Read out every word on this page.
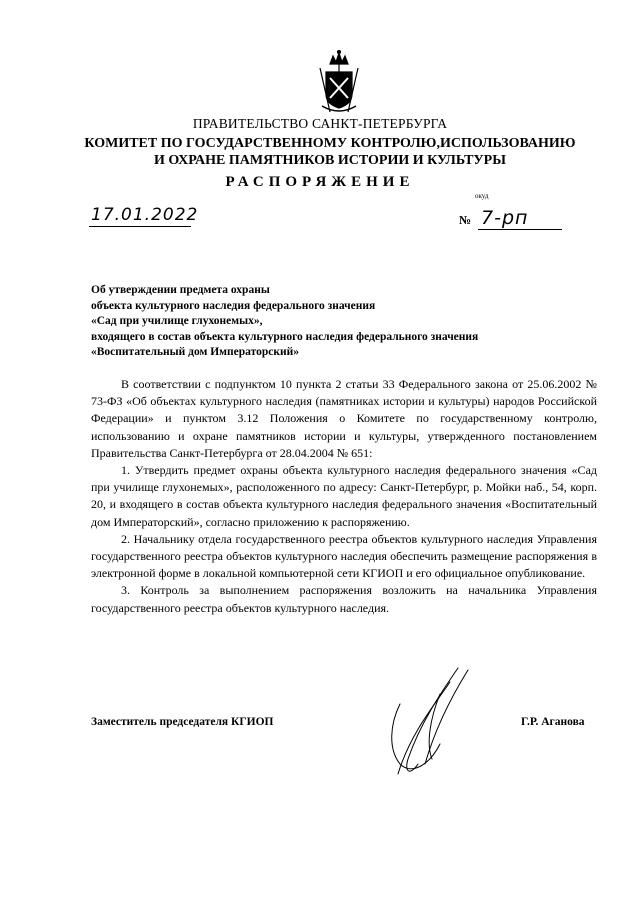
ПРАВИТЕЛЬСТВО САНКТ-ПЕТЕРБУРГА
КОМИТЕТ ПО ГОСУДАРСТВЕННОМУ КОНТРОЛЮ,ИСПОЛЬЗОВАНИЮ
И ОХРАНЕ ПАМЯТНИКОВ ИСТОРИИ И КУЛЬТУРЫ
РАСПОРЯЖЕНИЕ
окуд
17.01.2022	№ 7-рп
Об утверждении предмета охраны
объекта культурного наследия федерального значения
«Сад при училище глухонемых»,
входящего в состав объекта культурного наследия федерального значения
«Воспитательный дом Императорский»

В соответствии с подпунктом 10 пункта 2 статьи 33 Федерального закона от 25.06.2002 № 73-ФЗ «Об объектах культурного наследия (памятниках истории и культуры) народов Российской Федерации» и пунктом 3.12 Положения о Комитете по государственному контролю, использованию и охране памятников истории и культуры, утвержденного постановлением Правительства Санкт-Петербурга от 28.04.2004 № 651:

1. Утвердить предмет охраны объекта культурного наследия федерального значения «Сад при училище глухонемых», расположенного по адресу: Санкт-Петербург, р. Мойки наб., 54, корп. 20, и входящего в состав объекта культурного наследия федерального значения «Воспитательный дом Императорский», согласно приложению к распоряжению.

2. Начальнику отдела государственного реестра объектов культурного наследия Управления государственного реестра объектов культурного наследия обеспечить размещение распоряжения в электронной форме в локальной компьютерной сети КГИОП и его официальное опубликование.

3. Контроль за выполнением распоряжения возложить на начальника Управления государственного реестра объектов культурного наследия.

Заместитель председателя КГИОП	Г.Р. Аганова
